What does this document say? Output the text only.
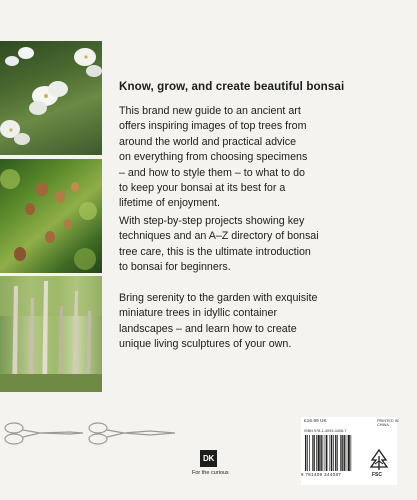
Know, grow, and create beautiful bonsai

This brand new guide to an ancient art
offers inspiring images of top trees from
around the world and practical advice
on everything from choosing specimens
– and how to style them – to what to do
to keep your bonsai at its best for a
lifetime of enjoyment.

With step-by-step projects showing key
techniques and an A–Z directory of bonsai
tree care, this is the ultimate introduction
to bonsai for beginners.

Bring serenity to the garden with exquisite
miniature trees in idyllic container
landscapes – and learn how to create
unique living sculptures of your own.

DK
For the curious
£16.99 UK	PRINTED IN
CHINA
ISBN 978-1-4093-4408-7
9 781409 344087	FSC
